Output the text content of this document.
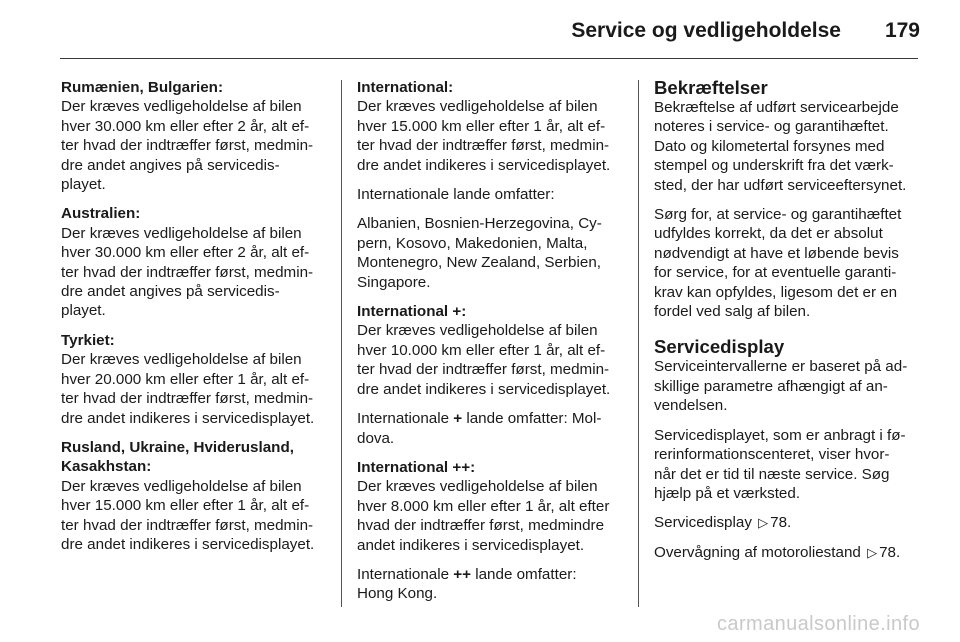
Service og vedligeholdelse 179

Rumænien, Bulgarien:
Der kræves vedligeholdelse af bilen
hver 30.000 km eller efter 2 år, alt ef-
ter hvad der indtræffer først, medmin-
dre andet angives på servicedis-
playet.

Australien:
Der kræves vedligeholdelse af bilen
hver 30.000 km eller efter 2 år, alt ef-
ter hvad der indtræffer først, medmin-
dre andet angives på servicedis-
playet.

Tyrkiet:
Der kræves vedligeholdelse af bilen
hver 20.000 km eller efter 1 år, alt ef-
ter hvad der indtræffer først, medmin-
dre andet indikeres i servicedisplayet.

Rusland, Ukraine, Hviderusland,
Kasakhstan:
Der kræves vedligeholdelse af bilen
hver 15.000 km eller efter 1 år, alt ef-
ter hvad der indtræffer først, medmin-
dre andet indikeres i servicedisplayet.

International:
Der kræves vedligeholdelse af bilen
hver 15.000 km eller efter 1 år, alt ef-
ter hvad der indtræffer først, medmin-
dre andet indikeres i servicedisplayet.

Internationale lande omfatter:

Albanien, Bosnien-Herzegovina, Cy-
pern, Kosovo, Makedonien, Malta,
Montenegro, New Zealand, Serbien,
Singapore.

International +:
Der kræves vedligeholdelse af bilen
hver 10.000 km eller efter 1 år, alt ef-
ter hvad der indtræffer først, medmin-
dre andet indikeres i servicedisplayet.

Internationale + lande omfatter: Mol-
dova.

International ++:
Der kræves vedligeholdelse af bilen
hver 8.000 km eller efter 1 år, alt efter
hvad der indtræffer først, medmindre
andet indikeres i servicedisplayet.

Internationale ++ lande omfatter:
Hong Kong.

Bekræftelser

Bekræftelse af udført servicearbejde
noteres i service- og garantihæftet.
Dato og kilometertal forsynes med
stempel og underskrift fra det værk-
sted, der har udført serviceeftersynet.

Sørg for, at service- og garantihæftet
udfyldes korrekt, da det er absolut
nødvendigt at have et løbende bevis
for service, for at eventuelle garanti-
krav kan opfyldes, ligesom det er en
fordel ved salg af bilen.

Servicedisplay

Serviceintervallerne er baseret på ad-
skillige parametre afhængigt af an-
vendelsen.

Servicedisplayet, som er anbragt i fø-
rerinformationscenteret, viser hvor-
når det er tid til næste service. Søg
hjælp på et værksted.

Servicedisplay ▷ 78.

Overvågning af motoroliestand ▷ 78.

carmanualsonline.info
